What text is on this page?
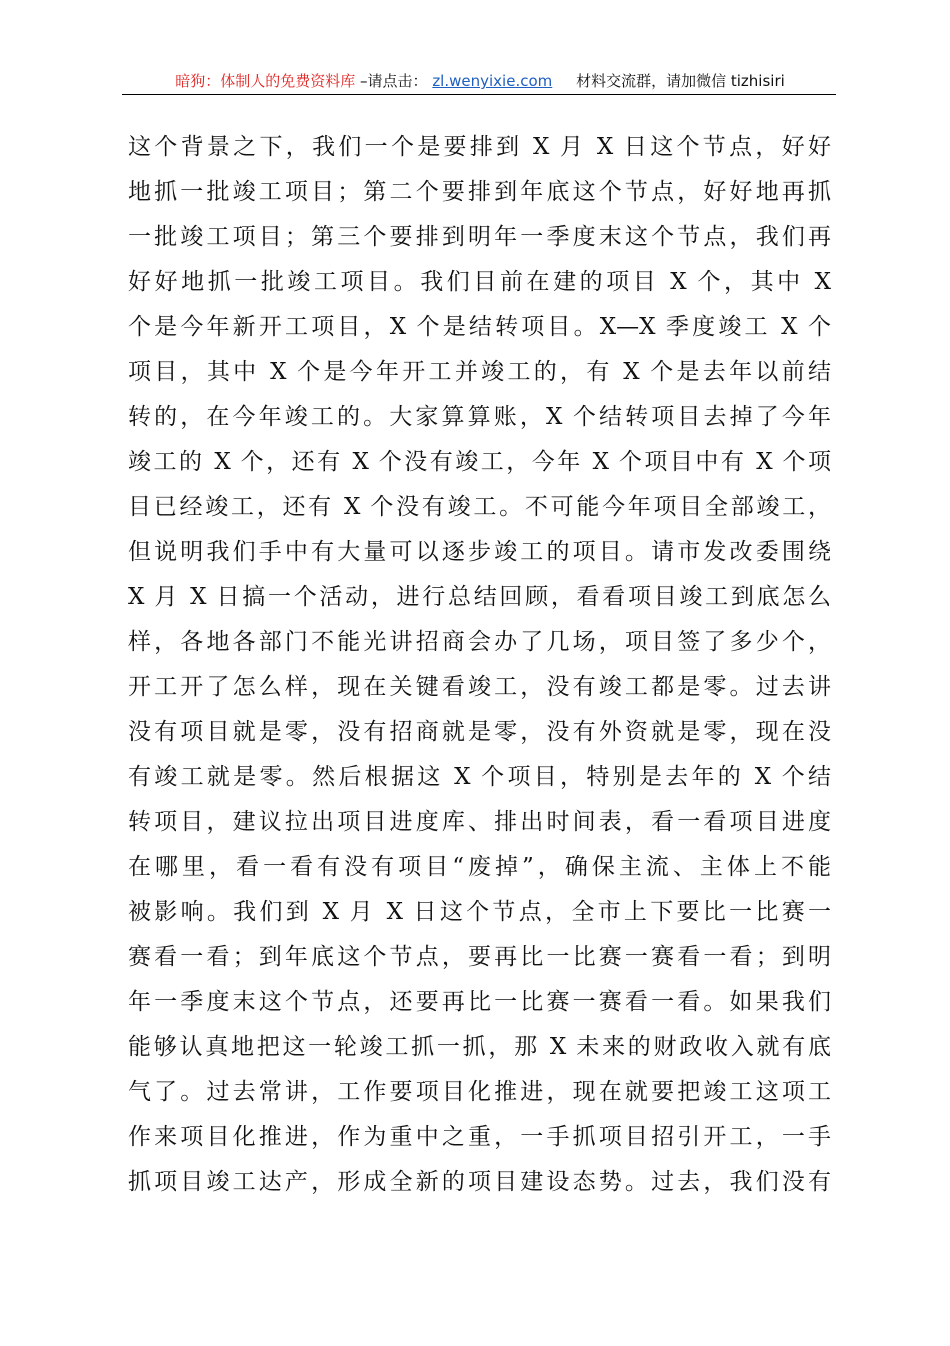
暗狗：体制人的免费资料库 –请点击： zl.wenyixie.com 材料交流群，请加微信 tizhisiri
这个背景之下，我们一个是要排到 X 月 X 日这个节点，好好
地抓一批竣工项目；第二个要排到年底这个节点，好好地再抓
一批竣工项目；第三个要排到明年一季度末这个节点，我们再
好好地抓一批竣工项目。我们目前在建的项目 X 个，其中 X
个是今年新开工项目，X 个是结转项目。X—X 季度竣工 X 个
项目，其中 X 个是今年开工并竣工的，有 X 个是去年以前结
转的，在今年竣工的。大家算算账，X 个结转项目去掉了今年
竣工的 X 个，还有 X 个没有竣工，今年 X 个项目中有 X 个项
目已经竣工，还有 X 个没有竣工。不可能今年项目全部竣工，
但说明我们手中有大量可以逐步竣工的项目。请市发改委围绕
X 月 X 日搞一个活动，进行总结回顾，看看项目竣工到底怎么
样，各地各部门不能光讲招商会办了几场，项目签了多少个，
开工开了怎么样，现在关键看竣工，没有竣工都是零。过去讲
没有项目就是零，没有招商就是零，没有外资就是零，现在没
有竣工就是零。然后根据这 X 个项目，特别是去年的 X 个结
转项目，建议拉出项目进度库、排出时间表，看一看项目进度
在哪里，看一看有没有项目“废掉”，确保主流、主体上不能
被影响。我们到 X 月 X 日这个节点，全市上下要比一比赛一
赛看一看；到年底这个节点，要再比一比赛一赛看一看；到明
年一季度末这个节点，还要再比一比赛一赛看一看。如果我们
能够认真地把这一轮竣工抓一抓，那 X 未来的财政收入就有底
气了。过去常讲，工作要项目化推进，现在就要把竣工这项工
作来项目化推进，作为重中之重，一手抓项目招引开工，一手
抓项目竣工达产，形成全新的项目建设态势。过去，我们没有
